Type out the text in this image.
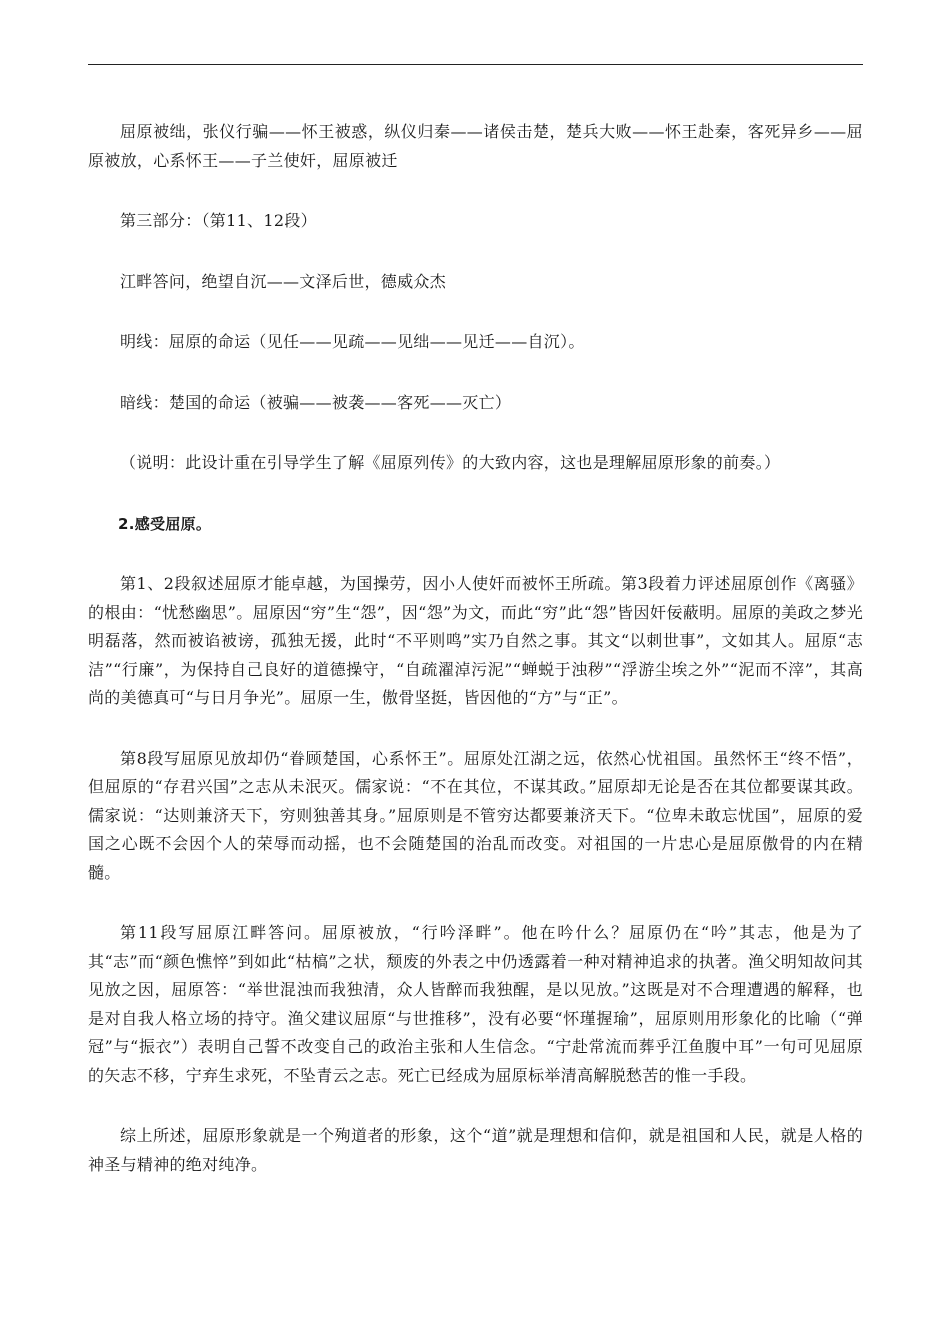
屈原被绌，张仪行骗——怀王被惑，纵仪归秦——诸侯击楚，楚兵大败——怀王赴秦，客死异乡——屈原被放，心系怀王——子兰使奸，屈原被迁

第三部分：（第11、12段）

江畔答问，绝望自沉——文泽后世，德威众杰

明线：屈原的命运（见任——见疏——见绌——见迁——自沉）。

暗线：楚国的命运（被骗——被袭——客死——灭亡）

（说明：此设计重在引导学生了解《屈原列传》的大致内容，这也是理解屈原形象的前奏。）

2.感受屈原。

第1、2段叙述屈原才能卓越，为国操劳，因小人使奸而被怀王所疏。第3段着力评述屈原创作《离骚》的根由：“忧愁幽思”。屈原因“穷”生“怨”，因“怨”为文，而此“穷”此“怨”皆因奸佞蔽明。屈原的美政之梦光明磊落，然而被谄被谤，孤独无援，此时“不平则鸣”实乃自然之事。其文“以刺世事”，文如其人。屈原“志洁”“行廉”，为保持自己良好的道德操守，“自疏濯淖污泥”“蝉蜕于浊秽”“浮游尘埃之外”“泥而不滓”，其高尚的美德真可“与日月争光”。屈原一生，傲骨坚挺，皆因他的“方”与“正”。

第8段写屈原见放却仍“眷顾楚国，心系怀王”。屈原处江湖之远，依然心忧祖国。虽然怀王“终不悟”，但屈原的“存君兴国”之志从未泯灭。儒家说：“不在其位，不谋其政。”屈原却无论是否在其位都要谋其政。儒家说：“达则兼济天下，穷则独善其身。”屈原则是不管穷达都要兼济天下。“位卑未敢忘忧国”，屈原的爱国之心既不会因个人的荣辱而动摇，也不会随楚国的治乱而改变。对祖国的一片忠心是屈原傲骨的内在精髓。

第11段写屈原江畔答问。屈原被放，“行吟泽畔”。他在吟什么？屈原仍在“吟”其志，他是为了其“志”而“颜色憔悴”到如此“枯槁”之状，颓废的外表之中仍透露着一种对精神追求的执著。渔父明知故问其见放之因，屈原答：“举世混浊而我独清，众人皆醉而我独醒，是以见放。”这既是对不合理遭遇的解释，也是对自我人格立场的持守。渔父建议屈原“与世推移”，没有必要“怀瑾握瑜”，屈原则用形象化的比喻（“弹冠”与“振衣”）表明自己誓不改变自己的政治主张和人生信念。“宁赴常流而葬乎江鱼腹中耳”一句可见屈原的矢志不移，宁弃生求死，不坠青云之志。死亡已经成为屈原标举清高解脱愁苦的惟一手段。

综上所述，屈原形象就是一个殉道者的形象，这个“道”就是理想和信仰，就是祖国和人民，就是人格的神圣与精神的绝对纯净。
